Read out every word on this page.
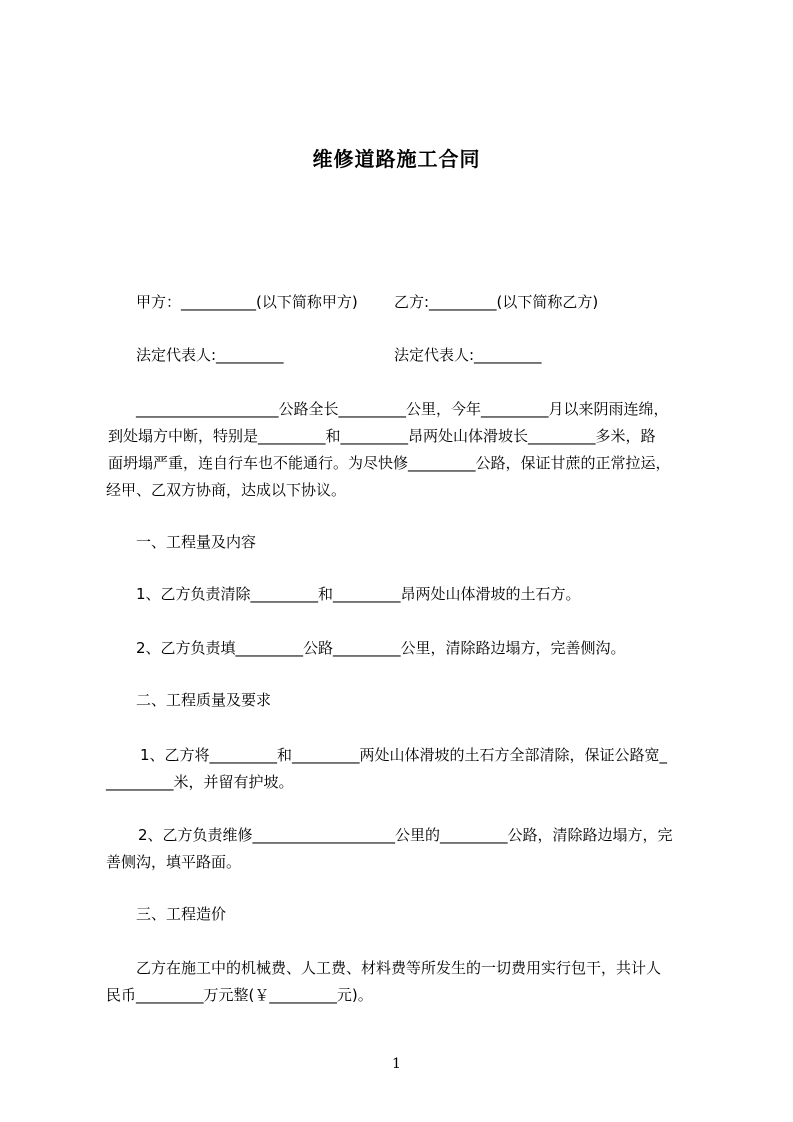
维修道路施工合同
甲方：__________(以下简称甲方) 乙方:_________(以下简称乙方)
法定代表人:_________	法定代表人:_________
___________________公路全长_________公里，今年_________月以来阴雨连绵，
到处塌方中断，特别是_________和_________昂两处山体滑坡长_________多米，路
面坍塌严重，连自行车也不能通行。为尽快修_________公路，保证甘蔗的正常拉运，
经甲、乙双方协商，达成以下协议。
一、工程量及内容
1、乙方负责清除_________和_________昂两处山体滑坡的土石方。
2、乙方负责填_________公路_________公里，清除路边塌方，完善侧沟。
二、工程质量及要求
1、乙方将_________和_________两处山体滑坡的土石方全部清除，保证公路宽_
_________米，并留有护坡。
2、乙方负责维修___________________公里的_________公路，清除路边塌方，完
善侧沟，填平路面。
三、工程造价
乙方在施工中的机械费、人工费、材料费等所发生的一切费用实行包干，共计人
民币_________万元整(￥_________元)。
1
